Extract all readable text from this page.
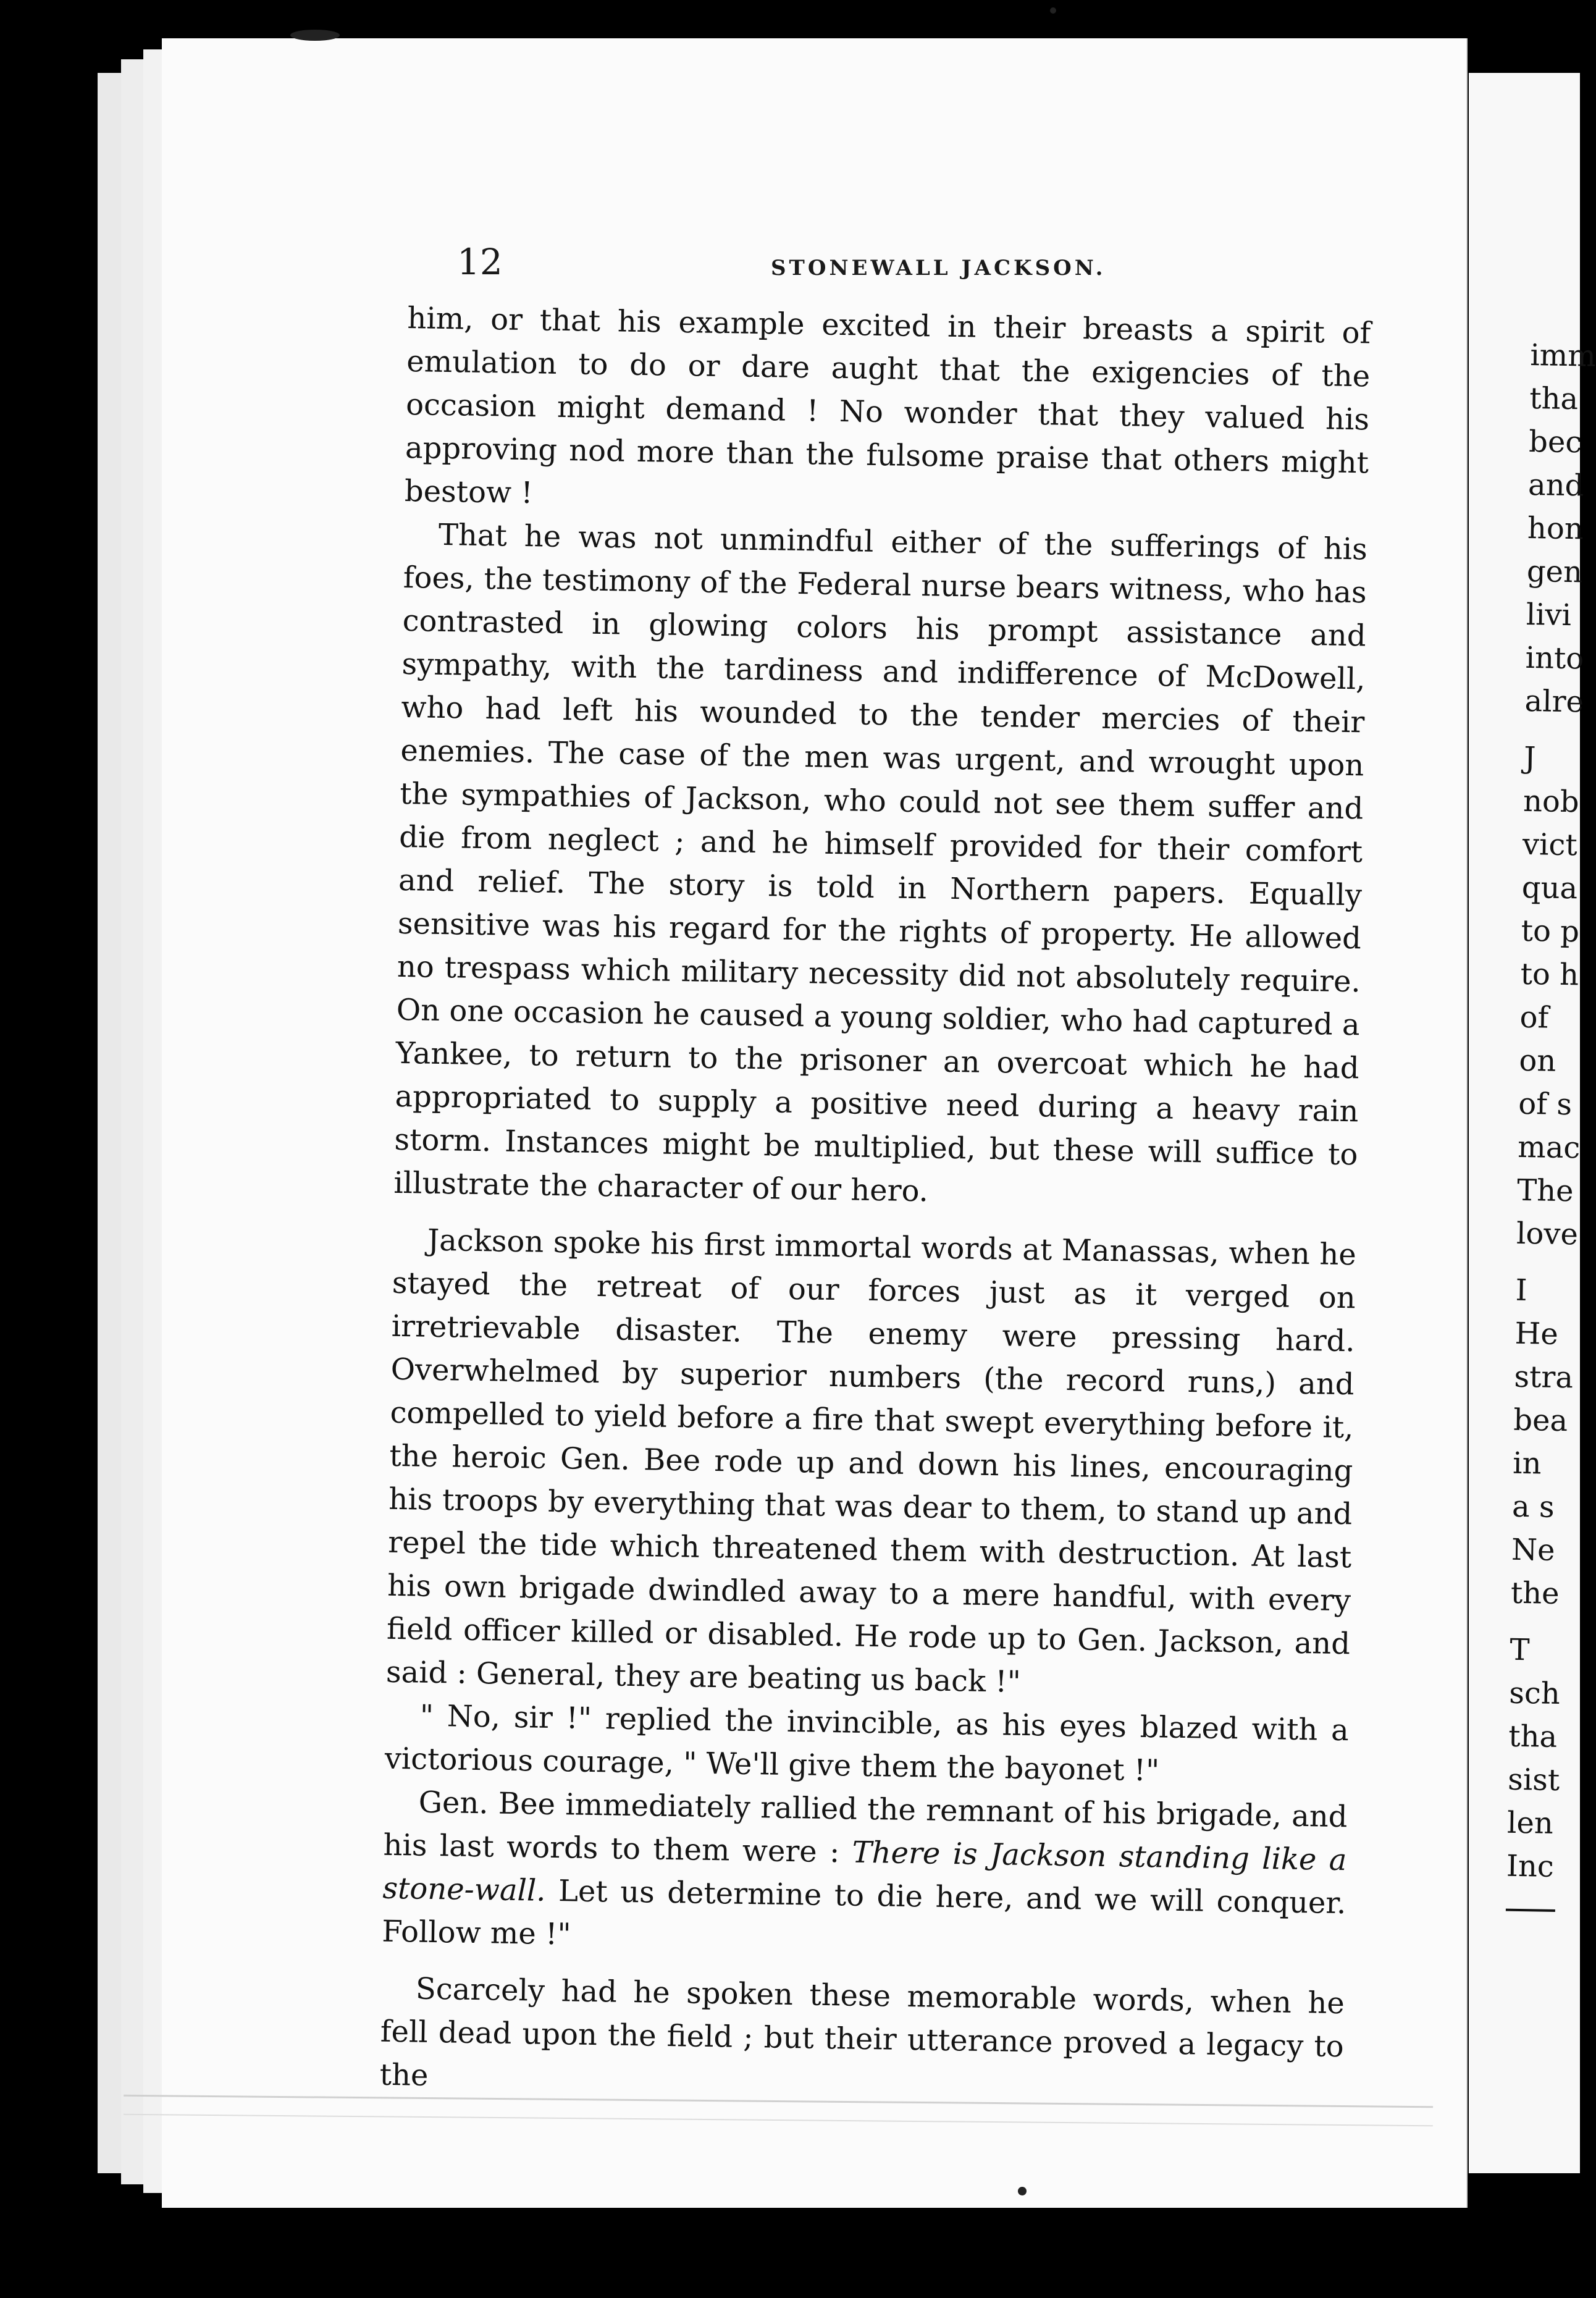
12	STONEWALL JACKSON.

him, or that his example excited in their breasts a spirit of emulation to do or dare aught that the exigencies of the occasion might demand ! No wonder that they valued his approving nod more than the fulsome praise that others might bestow !

That he was not unmindful either of the sufferings of his foes, the testimony of the Federal nurse bears witness, who has contrasted in glowing colors his prompt assistance and sympathy, with the tardiness and indifference of McDowell, who had left his wounded to the tender mercies of their enemies. The case of the men was urgent, and wrought upon the sympathies of Jackson, who could not see them suffer and die from neglect ; and he himself provided for their comfort and relief. The story is told in Northern papers. Equally sensitive was his regard for the rights of property. He allowed no trespass which military necessity did not absolutely require. On one occasion he caused a young soldier, who had captured a Yankee, to return to the prisoner an overcoat which he had appropriated to supply a positive need during a heavy rain storm. Instances might be multiplied, but these will suffice to illustrate the character of our hero.

Jackson spoke his first immortal words at Manassas, when he stayed the retreat of our forces just as it verged on irretrievable disaster. The enemy were pressing hard. Overwhelmed by superior numbers (the record runs,) and compelled to yield before a fire that swept everything before it, the heroic Gen. Bee rode up and down his lines, encouraging his troops by everything that was dear to them, to stand up and repel the tide which threatened them with destruction. At last his own brigade dwindled away to a mere handful, with every field officer killed or disabled. He rode up to Gen. Jackson, and said : General, they are beating us back !"
" No, sir !" replied the invincible, as his eyes blazed with a victorious courage, " We'll give them the bayonet !"

Gen. Bee immediately rallied the remnant of his brigade, and his last words to them were : There is Jackson standing like a stone-wall. Let us determine to die here, and we will conquer. Follow me !"

Scarcely had he spoken these memorable words, when he fell dead upon the field ; but their utterance proved a legacy to the

imm
tha
bec
and
hon
gen
livi
into
alre
J
nob
vict
qua
to p
to h
of
on
of s
mac
The
love
I
He
stra
bea
in
a s
Ne
the
T
sch
tha
sist
len
Inc
